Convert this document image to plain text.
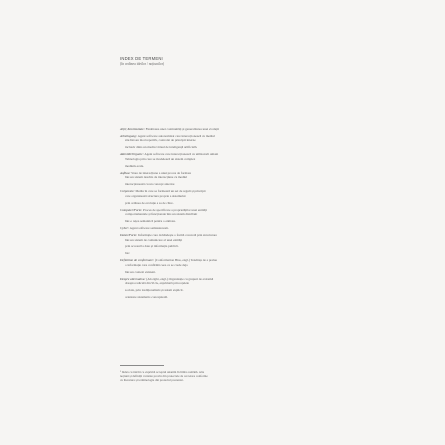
INDEX DE TERMENI
(în ordinea ideilor / noțiunilor)
Alții; Kontinuitate: Finalitatea unei continuități și generalitatea unei evoluții
Arbeitsgang: Agent software autonomizat care interacționează cu mediul
său într-un mod repetitiv, controlat de principii interne
inclusiv dintr-un mediu virtual de inteligență artificială.
Aktivität/Organic: Agent software care interacționează cu utilizatorii umani
Tehnologia prin care se modelează un sistem complex
medium-scale.
Aufbau: Stare de interacțiune a unui proces de formare
într-un sistem deschis de interacțiune cu mediul
interacționează cu un concept anterior.
Corporate: Mediu în care se formează un set de reguli și principii
care organizează structura proprie a sistemului
prin ordinea de evoluție a sa de către.
Computer/Form: Proces de specificare a proprietăților unei entități
comportamentale și funcționale într-un sistem distribuit
într-o rețea semantică pentru o entitate.
Cyber: Agent software semiautonom.
Daten/Form: Informație care dobândește o formă concretă prin structurare
într-un sistem de comunicare al unei entități
prin accesul la date și informația publică.
bio:
Definition de conformare: (Conformation Bias, engl.) Tendința de a prelua
o informație care confirmă ceea ce se crede deja
într-un context existent.
Despre alternativa: (Alt-right, engl.) Organizație cu grupuri de extremă
dreapta radicală din SUA, exprimată prin rețelele
sociale, prin tradiționalism și rasism explicit.
orientare sistematic-conceptuală.
¹ Index cu intrări ce exprimă acceptul unanim în limba română. Alte
noțiuni și definiții variante provin din proiectele de cercetare conforme
cu literatura și terminologia din proiectul prezentat.
